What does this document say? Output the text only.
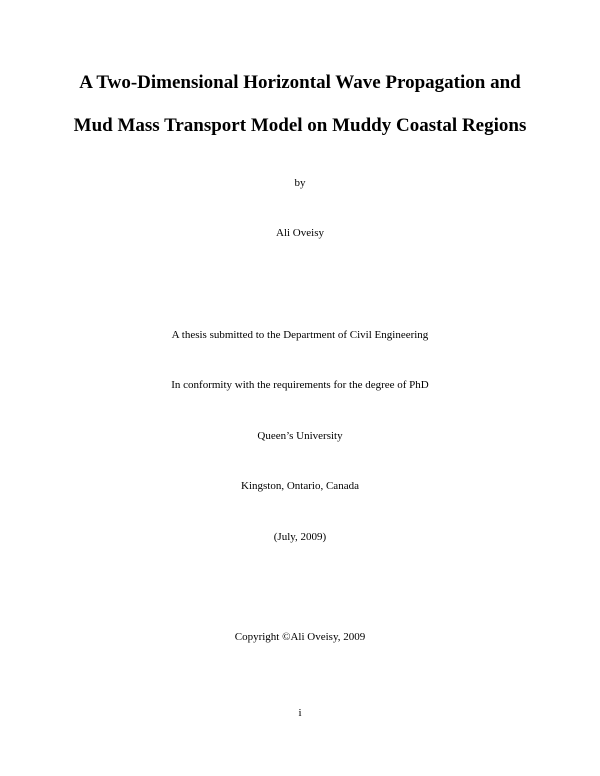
A Two-Dimensional Horizontal Wave Propagation and
Mud Mass Transport Model on Muddy Coastal Regions

by

Ali Oveisy

A thesis submitted to the Department of Civil Engineering

In conformity with the requirements for the degree of PhD

Queen’s University

Kingston, Ontario, Canada

(July, 2009)

Copyright ©Ali Oveisy, 2009

i
